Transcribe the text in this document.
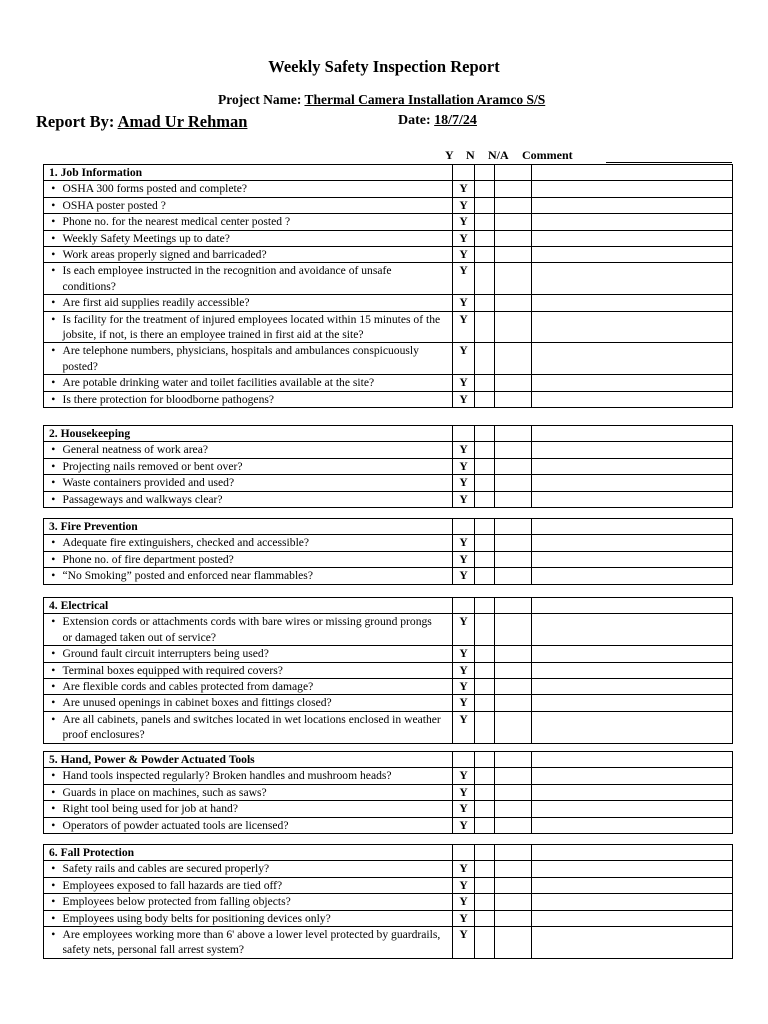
Weekly Safety Inspection Report
Project Name: Thermal Camera Installation Aramco S/S
Report By: Amad Ur Rehman	Date: 18/7/24
Y N N/A Comment
1. Job Information					
•	OSHA 300 forms posted and complete?	Y			
•	OSHA poster posted ?	Y			
•	Phone no. for the nearest medical center posted ?	Y			
•	Weekly Safety Meetings up to date?	Y			
•	Work areas properly signed and barricaded?	Y			
•	Is each employee instructed in the recognition and avoidance of unsafe conditions?	Y			
•	Are first aid supplies readily accessible?	Y			
•	Is facility for the treatment of injured employees located within 15 minutes of the jobsite, if not, is there an employee trained in first aid at the site?	Y			
•	Are telephone numbers, physicians, hospitals and ambulances conspicuously posted?	Y			
•	Are potable drinking water and toilet facilities available at the site?	Y			
•	Is there protection for bloodborne pathogens?	Y			
2. Housekeeping					
•	General neatness of work area?	Y			
•	Projecting nails removed or bent over?	Y			
•	Waste containers provided and used?	Y			
•	Passageways and walkways clear?	Y			
3. Fire Prevention					
•	Adequate fire extinguishers, checked and accessible?	Y			
•	Phone no. of fire department posted?	Y			
•	“No Smoking” posted and enforced near flammables?	Y			
4. Electrical					
•	Extension cords or attachments cords with bare wires or missing ground prongs or damaged taken out of service?	Y			
•	Ground fault circuit interrupters being used?	Y			
•	Terminal boxes equipped with required covers?	Y			
•	Are flexible cords and cables protected from damage?	Y			
•	Are unused openings in cabinet boxes and fittings closed?	Y			
•	Are all cabinets, panels and switches located in wet locations enclosed in weather proof enclosures?	Y			
5. Hand, Power & Powder Actuated Tools					
•	Hand tools inspected regularly? Broken handles and mushroom heads?	Y			
•	Guards in place on machines, such as saws?	Y			
•	Right tool being used for job at hand?	Y			
•	Operators of powder actuated tools are licensed?	Y			
6. Fall Protection					
•	Safety rails and cables are secured properly?	Y			
•	Employees exposed to fall hazards are tied off?	Y			
•	Employees below protected from falling objects?	Y			
•	Employees using body belts for positioning devices only?	Y			
•	Are employees working more than 6' above a lower level protected by guardrails, safety nets, personal fall arrest system?	Y			
